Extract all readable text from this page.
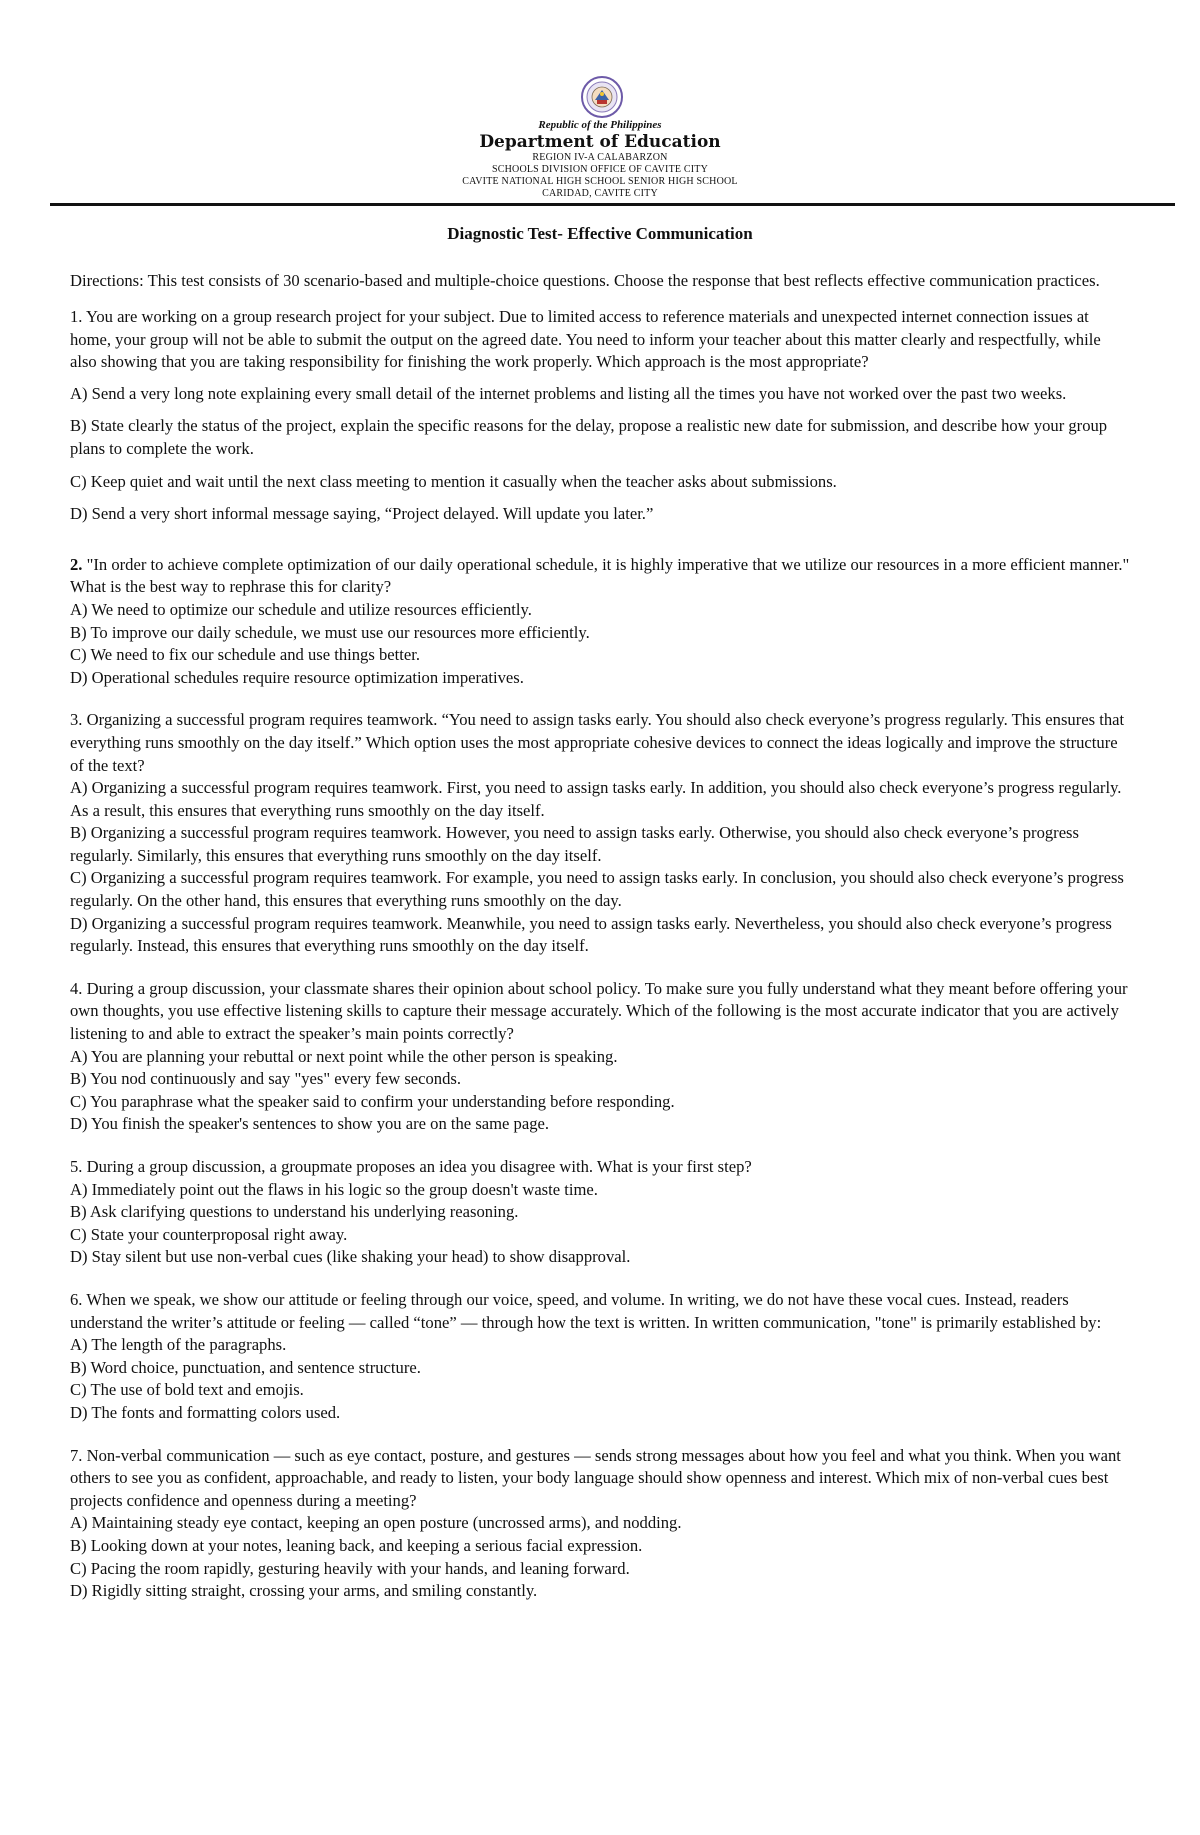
Republic of the Philippines
Department of Education
REGION IV-A CALABARZON
SCHOOLS DIVISION OFFICE OF CAVITE CITY
CAVITE NATIONAL HIGH SCHOOL SENIOR HIGH SCHOOL
CARIDAD, CAVITE CITY
Diagnostic Test- Effective Communication

Directions: This test consists of 30 scenario-based and multiple-choice questions. Choose the response that best reflects effective communication practices.

1. You are working on a group research project for your subject. Due to limited access to reference materials and unexpected internet connection issues at home, your group will not be able to submit the output on the agreed date. You need to inform your teacher about this matter clearly and respectfully, while also showing that you are taking responsibility for finishing the work properly. Which approach is the most appropriate?

A) Send a very long note explaining every small detail of the internet problems and listing all the times you have not worked over the past two weeks.

B) State clearly the status of the project, explain the specific reasons for the delay, propose a realistic new date for submission, and describe how your group plans to complete the work.

C) Keep quiet and wait until the next class meeting to mention it casually when the teacher asks about submissions.

D) Send a very short informal message saying, “Project delayed. Will update you later.”

2. "In order to achieve complete optimization of our daily operational schedule, it is highly imperative that we utilize our resources in a more efficient manner." What is the best way to rephrase this for clarity?

A) We need to optimize our schedule and utilize resources efficiently.

B) To improve our daily schedule, we must use our resources more efficiently.

C) We need to fix our schedule and use things better.

D) Operational schedules require resource optimization imperatives.

3. Organizing a successful program requires teamwork. “You need to assign tasks early. You should also check everyone’s progress regularly. This ensures that everything runs smoothly on the day itself.” Which option uses the most appropriate cohesive devices to connect the ideas logically and improve the structure of the text?

A) Organizing a successful program requires teamwork. First, you need to assign tasks early. In addition, you should also check everyone’s progress regularly. As a result, this ensures that everything runs smoothly on the day itself.

B) Organizing a successful program requires teamwork. However, you need to assign tasks early. Otherwise, you should also check everyone’s progress regularly. Similarly, this ensures that everything runs smoothly on the day itself.

C) Organizing a successful program requires teamwork. For example, you need to assign tasks early. In conclusion, you should also check everyone’s progress regularly. On the other hand, this ensures that everything runs smoothly on the day.

D) Organizing a successful program requires teamwork. Meanwhile, you need to assign tasks early. Nevertheless, you should also check everyone’s progress regularly. Instead, this ensures that everything runs smoothly on the day itself.

4. During a group discussion, your classmate shares their opinion about school policy. To make sure you fully understand what they meant before offering your own thoughts, you use effective listening skills to capture their message accurately. Which of the following is the most accurate indicator that you are actively listening to and able to extract the speaker’s main points correctly?

A) You are planning your rebuttal or next point while the other person is speaking.

B) You nod continuously and say "yes" every few seconds.

C) You paraphrase what the speaker said to confirm your understanding before responding.

D) You finish the speaker's sentences to show you are on the same page.

5. During a group discussion, a groupmate proposes an idea you disagree with. What is your first step?

A) Immediately point out the flaws in his logic so the group doesn't waste time.

B) Ask clarifying questions to understand his underlying reasoning.

C) State your counterproposal right away.

D) Stay silent but use non-verbal cues (like shaking your head) to show disapproval.

6. When we speak, we show our attitude or feeling through our voice, speed, and volume. In writing, we do not have these vocal cues. Instead, readers understand the writer’s attitude or feeling — called “tone” — through how the text is written. In written communication, "tone" is primarily established by:

A) The length of the paragraphs.

B) Word choice, punctuation, and sentence structure.

C) The use of bold text and emojis.

D) The fonts and formatting colors used.

7. Non-verbal communication — such as eye contact, posture, and gestures — sends strong messages about how you feel and what you think. When you want others to see you as confident, approachable, and ready to listen, your body language should show openness and interest. Which mix of non-verbal cues best projects confidence and openness during a meeting?

A) Maintaining steady eye contact, keeping an open posture (uncrossed arms), and nodding.

B) Looking down at your notes, leaning back, and keeping a serious facial expression.

C) Pacing the room rapidly, gesturing heavily with your hands, and leaning forward.

D) Rigidly sitting straight, crossing your arms, and smiling constantly.
